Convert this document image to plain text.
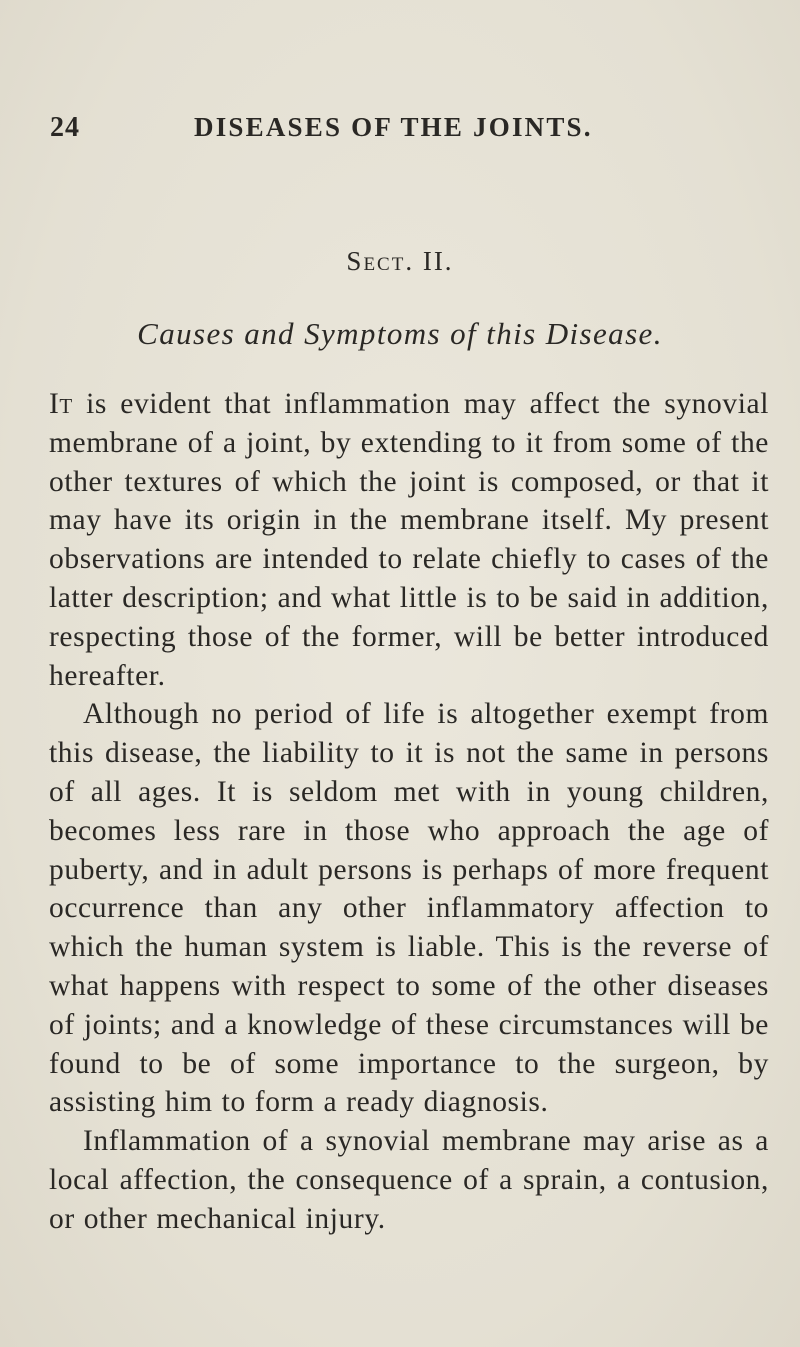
24	DISEASES OF THE JOINTS.
Sect. II.
Causes and Symptoms of this Disease.

It is evident that inflammation may affect the synovial membrane of a joint, by extending to it from some of the other textures of which the joint is composed, or that it may have its origin in the membrane itself. My present observations are intended to relate chiefly to cases of the latter description; and what little is to be said in addition, respecting those of the former, will be better introduced hereafter.

Although no period of life is altogether exempt from this disease, the liability to it is not the same in persons of all ages. It is seldom met with in young children, becomes less rare in those who approach the age of puberty, and in adult persons is perhaps of more frequent occurrence than any other inflammatory affection to which the human system is liable. This is the reverse of what happens with respect to some of the other diseases of joints; and a knowledge of these circumstances will be found to be of some importance to the surgeon, by assisting him to form a ready diagnosis.

Inflammation of a synovial membrane may arise as a local affection, the consequence of a sprain, a contusion, or other mechanical injury.
